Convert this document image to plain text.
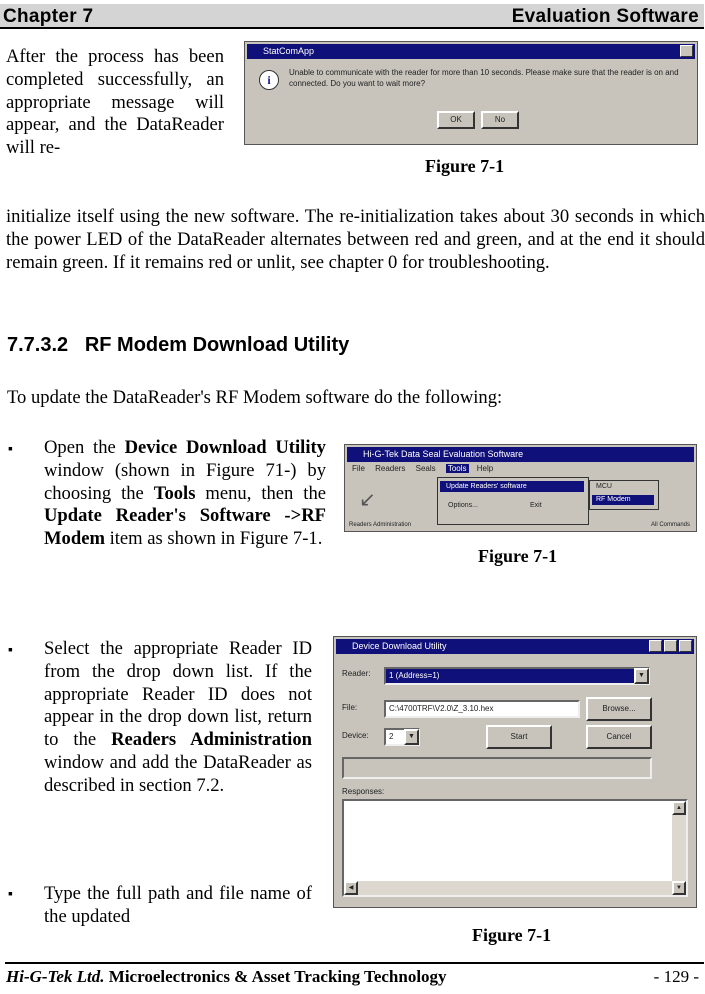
Chapter 7	Evaluation Software

After the process has been completed successfully, an appropriate message will appear, and the DataReader will re-

StatComApp
i
Unable to communicate with the reader for more than 10 seconds. Please make sure that the reader is on and connected. Do you want to wait more?
OK	No
Figure 7-1

initialize itself using the new software. The re-initialization takes about 30 seconds in which the power LED of the DataReader alternates between red and green, and at the end it should remain green. If it remains red or unlit, see chapter 0 for troubleshooting.

7.7.3.2   RF Modem Download Utility

To update the DataReader's RF Modem software do the following:

▪ Open the Device Download Utility window (shown in Figure 71-) by choosing the Tools menu, then the Update Reader's Software ->RF Modem item as shown in Figure 7-1.

Hi-G-Tek Data Seal Evaluation Software
File Readers Seals Tools Help
↙
Update Readers' software
Options...	Exit
MCU
RF Modem
Readers Administration	All Commands
Figure 7-1
▪ Select the appropriate Reader ID from the drop down list. If the appropriate Reader ID does not appear in the drop down list, return to the Readers Administration window and add the DataReader as described in section 7.2.

Device Download Utility
Reader:	1 (Address=1)	▼
File:	C:\4700TRF\V2.0\Z_3.10.hex	Browse...
Device:	2	▼	Start	Cancel
Responses:
▲
▼
◀
Figure 7-1
▪ Type the full path and file name of the updated

Hi-G-Tek Ltd. Microelectronics & Asset Tracking Technology	- 129 -
